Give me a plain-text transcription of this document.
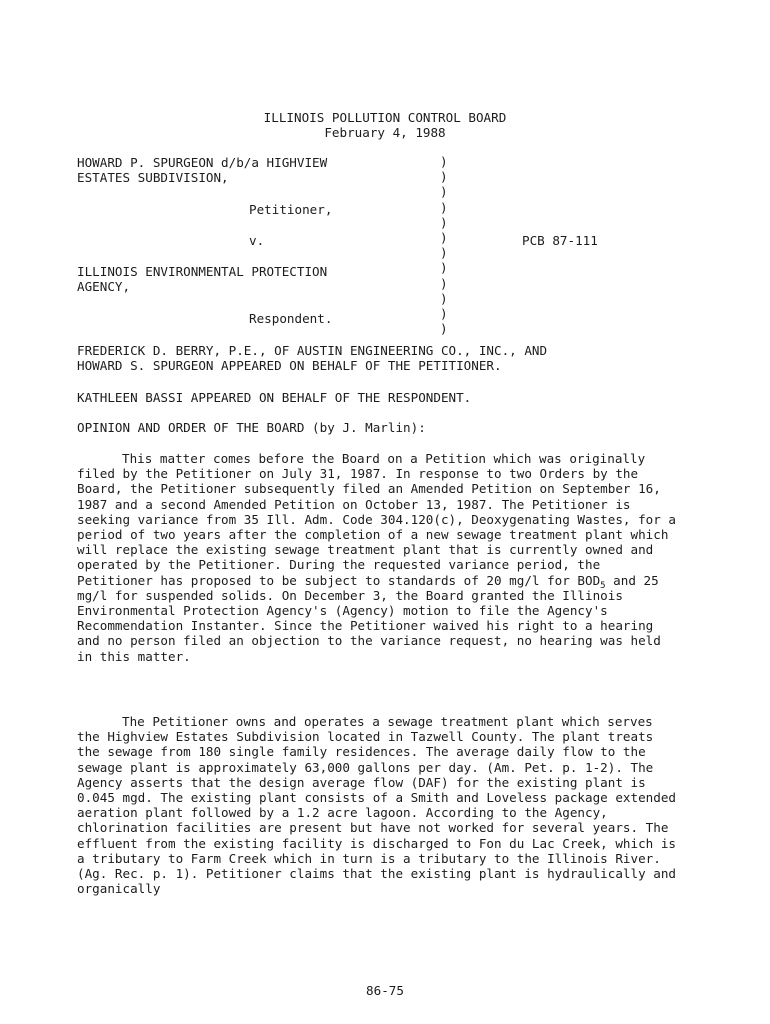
ILLINOIS POLLUTION CONTROL BOARD
February 4, 1988
HOWARD P. SPURGEON d/b/a HIGHVIEW
ESTATES SUBDIVISION,
Petitioner,
v.	PCB 87-111
ILLINOIS ENVIRONMENTAL PROTECTION
AGENCY,
Respondent.
)
)
)
)
)
)
)
)
)
)
)
)
FREDERICK D. BERRY, P.E., OF AUSTIN ENGINEERING CO., INC., AND
HOWARD S. SPURGEON APPEARED ON BEHALF OF THE PETITIONER.
KATHLEEN BASSI APPEARED ON BEHALF OF THE RESPONDENT.
OPINION AND ORDER OF THE BOARD (by J. Marlin):
This matter comes before the Board on a Petition which was originally filed by the Petitioner on July 31, 1987. In response to two Orders by the Board, the Petitioner subsequently filed an Amended Petition on September 16, 1987 and a second Amended Petition on October 13, 1987. The Petitioner is seeking variance from 35 Ill. Adm. Code 304.120(c), Deoxygenating Wastes, for a period of two years after the completion of a new sewage treatment plant which will replace the existing sewage treatment plant that is currently owned and operated by the Petitioner. During the requested variance period, the Petitioner has proposed to be subject to standards of 20 mg/l for $BOD_5$ and 25 mg/l for suspended solids. On December 3, the Board granted the Illinois Environmental Protection Agency's (Agency) motion to file the Agency's Recommendation Instanter. Since the Petitioner waived his right to a hearing and no person filed an objection to the variance request, no hearing was held in this matter.
The Petitioner owns and operates a sewage treatment plant which serves the Highview Estates Subdivision located in Tazwell County. The plant treats the sewage from 180 single family residences. The average daily flow to the sewage plant is approximately 63,000 gallons per day. (Am. Pet. p. 1-2). The Agency asserts that the design average flow (DAF) for the existing plant is 0.045 mgd. The existing plant consists of a Smith and Loveless package extended aeration plant followed by a 1.2 acre lagoon. According to the Agency, chlorination facilities are present but have not worked for several years. The effluent from the existing facility is discharged to Fon du Lac Creek, which is a tributary to Farm Creek which in turn is a tributary to the Illinois River. (Ag. Rec. p. 1). Petitioner claims that the existing plant is hydraulically and organically
86-75
